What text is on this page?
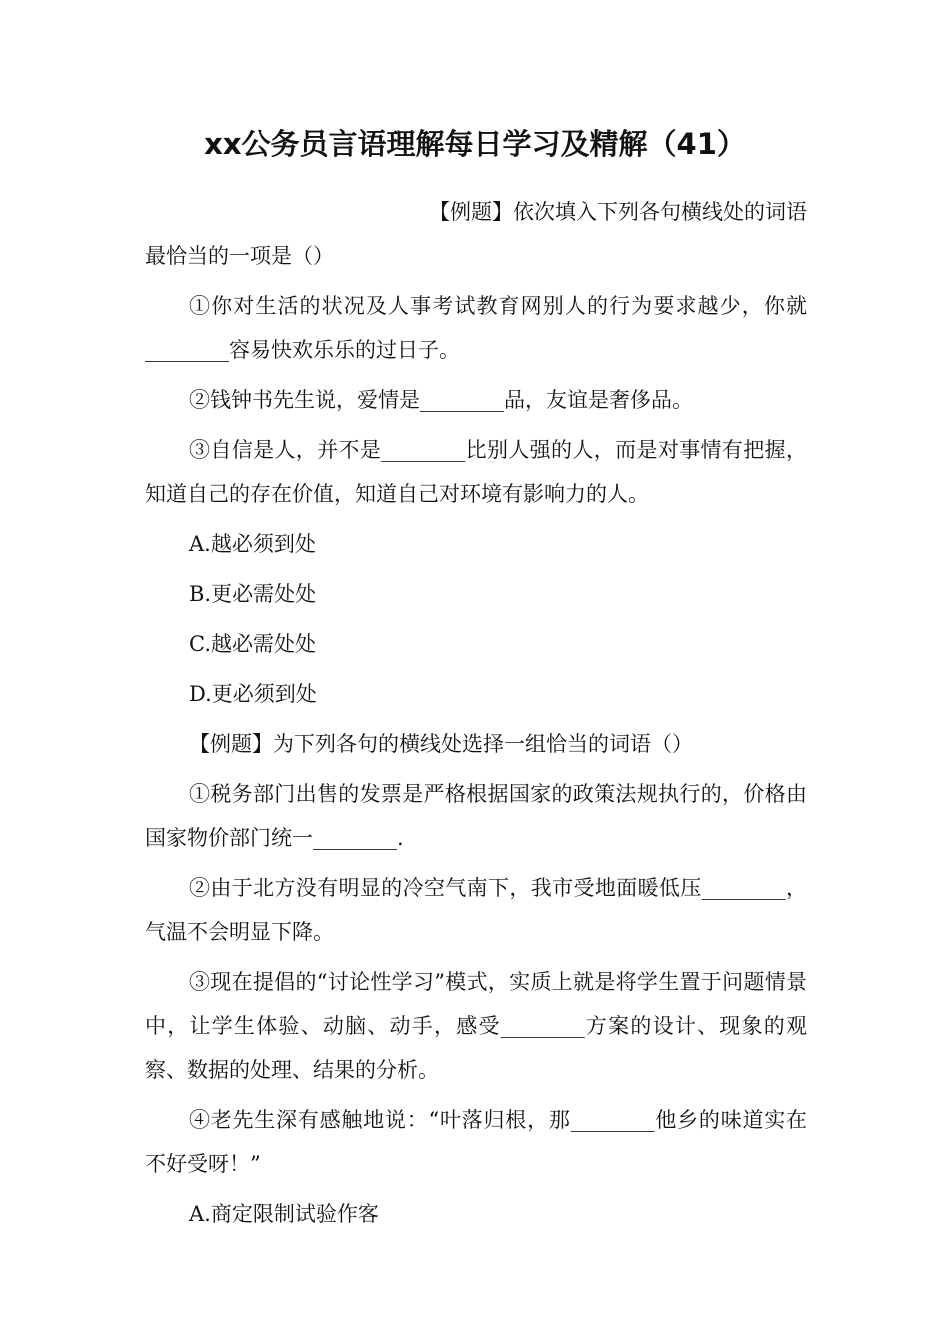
xx公务员言语理解每日学习及精解（41）
【例题】依次填入下列各句横线处的词语
最恰当的一项是（）
①你对生活的状况及人事考试教育网别人的行为要求越少，你就________容易快欢乐乐的过日子。
②钱钟书先生说，爱情是________品，友谊是奢侈品。
③自信是人，并不是________比别人强的人，而是对事情有把握，知道自己的存在价值，知道自己对环境有影响力的人。
A.越必须到处
B.更必需处处
C.越必需处处
D.更必须到处
【例题】为下列各句的横线处选择一组恰当的词语（）
①税务部门出售的发票是严格根据国家的政策法规执行的，价格由国家物价部门统一________.
②由于北方没有明显的冷空气南下，我市受地面暖低压________，气温不会明显下降。
③现在提倡的“讨论性学习”模式，实质上就是将学生置于问题情景中，让学生体验、动脑、动手，感受________方案的设计、现象的观察、数据的处理、结果的分析。
④老先生深有感触地说：“叶落归根，那________他乡的味道实在不好受呀！”
A.商定限制试验作客
